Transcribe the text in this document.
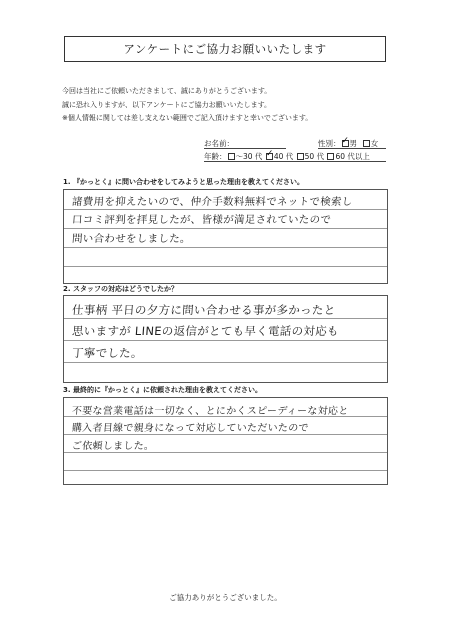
アンケートにご協力お願いいたします
今回は当社にご依頼いただきまして、誠にありがとうございます。
誠に恐れ入りますが、以下アンケートにご協力お願いいたします。
※個人情報に関しては差し支えない範囲でご記入頂けますと幸いでございます。
お名前：	性別： ✓ 男 女
年齢： ～30 代 ✓ 40 代 50 代 60 代以上
1. 『かっとく』に問い合わせをしてみようと思った理由を教えてください。
諸費用を抑えたいので、仲介手数料無料でネットで検索し
口コミ評判を拝見したが、皆様が満足されていたので
問い合わせをしました。
2. スタッフの対応はどうでしたか？
仕事柄 平日の夕方に問い合わせる事が多かったと
思いますが LINEの返信がとても早く電話の対応も
丁寧でした。
3. 最終的に『かっとく』に依頼された理由を教えてください。
不要な営業電話は一切なく、とにかくスピーディーな対応と
購入者目線で親身になって対応していただいたので
ご依頼しました。
ご協力ありがとうございました。
